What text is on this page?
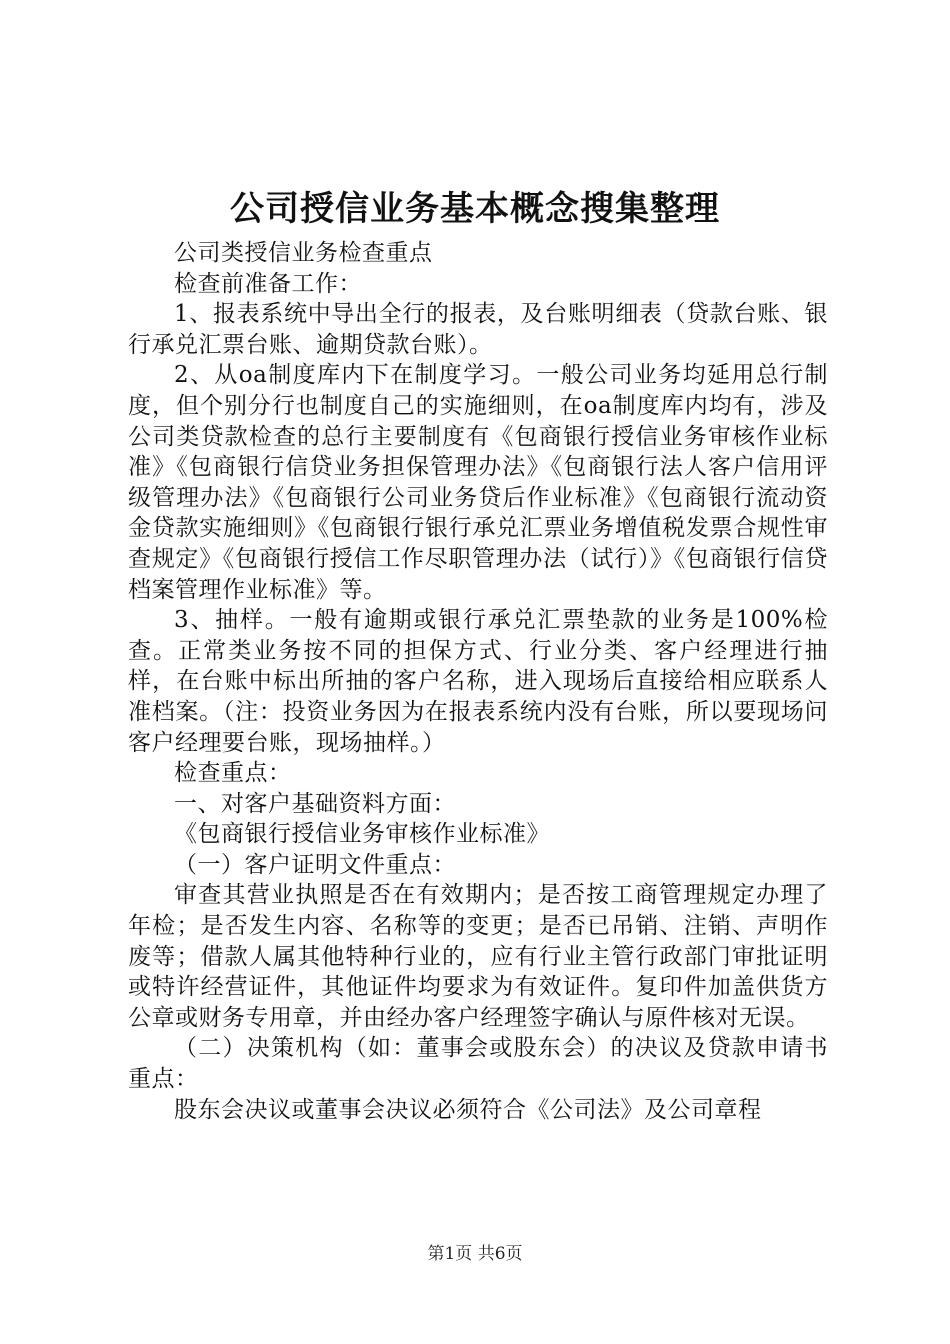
公司授信业务基本概念搜集整理

公司类授信业务检查重点

检查前准备工作：

1、报表系统中导出全行的报表，及台账明细表（贷款台账、银行承兑汇票台账、逾期贷款台账）。

2、从oa制度库内下在制度学习。一般公司业务均延用总行制度，但个别分行也制度自己的实施细则，在oa制度库内均有，涉及公司类贷款检查的总行主要制度有《包商银行授信业务审核作业标准》《包商银行信贷业务担保管理办法》《包商银行法人客户信用评级管理办法》《包商银行公司业务贷后作业标准》《包商银行流动资金贷款实施细则》《包商银行银行承兑汇票业务增值税发票合规性审查规定》《包商银行授信工作尽职管理办法（试行）》《包商银行信贷档案管理作业标准》等。

3、抽样。一般有逾期或银行承兑汇票垫款的业务是100%检查。正常类业务按不同的担保方式、行业分类、客户经理进行抽样，在台账中标出所抽的客户名称，进入现场后直接给相应联系人准档案。（注：投资业务因为在报表系统内没有台账，所以要现场问客户经理要台账，现场抽样。）

检查重点：

一、对客户基础资料方面：

《包商银行授信业务审核作业标准》

（一）客户证明文件重点：

审查其营业执照是否在有效期内；是否按工商管理规定办理了年检；是否发生内容、名称等的变更；是否已吊销、注销、声明作废等；借款人属其他特种行业的，应有行业主管行政部门审批证明或特许经营证件，其他证件均要求为有效证件。复印件加盖供货方公章或财务专用章，并由经办客户经理签字确认与原件核对无误。

（二）决策机构（如：董事会或股东会）的决议及贷款申请书重点：

股东会决议或董事会决议必须符合《公司法》及公司章程

第1页 共6页
